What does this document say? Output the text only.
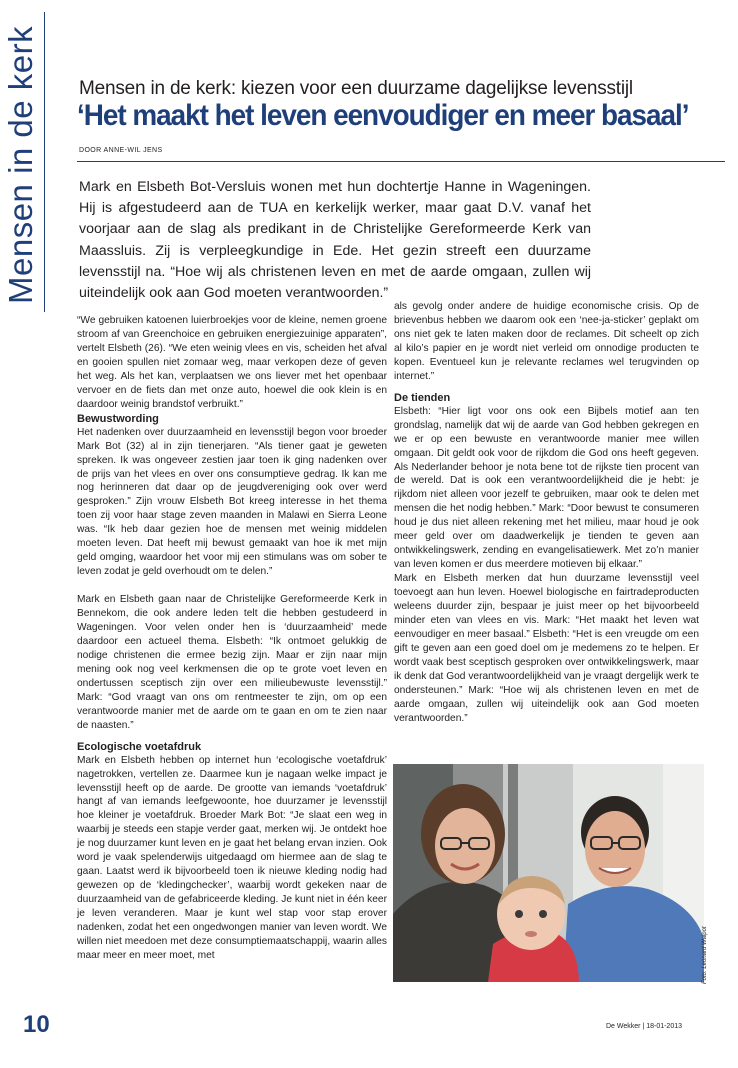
Mensen in de kerk Mensen in de kerk: kiezen voor een duurzame dagelijkse levensstijl
‘Het maakt het leven eenvoudiger en meer basaal’
DOOR ANNE-WIL JENS
Mark en Elsbeth Bot-Versluis wonen met hun dochtertje Hanne in Wageningen. Hij is afgestudeerd aan de TUA en kerkelijk werker, maar gaat D.V. vanaf het voorjaar aan de slag als predikant in de Christelijke Gereformeerde Kerk van Maassluis. Zij is verpleegkundige in Ede. Het gezin streeft een duurzame levensstijl na. “Hoe wij als christenen leven en met de aarde omgaan, zullen wij uiteindelijk ook aan God moeten verantwoorden.”

“We gebruiken katoenen luierbroekjes voor de kleine, nemen groene stroom af van Greenchoice en gebruiken energiezuinige apparaten”, vertelt Elsbeth (26). “We eten weinig vlees en vis, scheiden het afval en gooien spullen niet zomaar weg, maar verkopen deze of geven het weg. Als het kan, verplaatsen we ons liever met het openbaar vervoer en de fiets dan met onze auto, hoewel die ook klein is en daardoor weinig brandstof verbruikt.”

Bewustwording

Het nadenken over duurzaamheid en levensstijl begon voor broeder Mark Bot (32) al in zijn tienerjaren. “Als tiener gaat je geweten spreken. Ik was ongeveer zestien jaar toen ik ging nadenken over de prijs van het vlees en over ons consumptieve gedrag. Ik kan me nog herinneren dat daar op de jeugdvereniging ook over werd gesproken.” Zijn vrouw Elsbeth Bot kreeg interesse in het thema toen zij voor haar stage zeven maanden in Malawi en Sierra Leone was. “Ik heb daar gezien hoe de mensen met weinig middelen moeten leven. Dat heeft mij bewust gemaakt van hoe ik met mijn geld omging, waardoor het voor mij een stimulans was om sober te leven zodat je geld overhoudt om te delen.”

Mark en Elsbeth gaan naar de Christelijke Gereformeerde Kerk in Bennekom, die ook andere leden telt die hebben gestudeerd in Wageningen. Voor velen onder hen is ‘duurzaamheid’ mede daardoor een actueel thema. Elsbeth: “Ik ontmoet gelukkig de nodige christenen die ermee bezig zijn. Maar er zijn naar mijn mening ook nog veel kerkmensen die op te grote voet leven en ondertussen sceptisch zijn over een milieubewuste levensstijl.” Mark: “God vraagt van ons om rentmeester te zijn, om op een verantwoorde manier met de aarde om te gaan en om te zien naar de naasten.”

Ecologische voetafdruk

Mark en Elsbeth hebben op internet hun ‘ecologische voetafdruk’ nagetrokken, vertellen ze. Daarmee kun je nagaan welke impact je levensstijl heeft op de aarde. De grootte van iemands ‘voetafdruk’ hangt af van iemands leefgewoonte, hoe duurzamer je levensstijl hoe kleiner je voetafdruk. Broeder Mark Bot: “Je slaat een weg in waarbij je steeds een stapje verder gaat, merken wij. Je ontdekt hoe je nog duurzamer kunt leven en je gaat het belang ervan inzien. Ook word je vaak spelenderwijs uitgedaagd om hiermee aan de slag te gaan. Laatst werd ik bijvoorbeeld toen ik nieuwe kleding nodig had gewezen op de ‘kledingchecker’, waarbij wordt gekeken naar de duurzaamheid van de gefabriceerde kleding. Je kunt niet in één keer je leven veranderen. Maar je kunt wel stap voor stap erover nadenken, zodat het een ongedwongen manier van leven wordt. We willen niet meedoen met deze consumptiemaatschappij, waarin alles maar meer en meer moet, met

als gevolg onder andere de huidige economische crisis. Op de brievenbus hebben we daarom ook een ‘nee-ja-sticker’ geplakt om ons niet gek te laten maken door de reclames. Dit scheelt op zich al kilo’s papier en je wordt niet verleid om onnodige producten te kopen. Eventueel kun je relevante reclames wel terugvinden op internet.”

De tienden

Elsbeth: “Hier ligt voor ons ook een Bijbels motief aan ten grondslag, namelijk dat wij de aarde van God hebben gekregen en we er op een bewuste en verantwoorde manier mee willen omgaan. Dit geldt ook voor de rijkdom die God ons heeft gegeven. Als Nederlander behoor je nota bene tot de rijkste tien procent van de wereld. Dat is ook een verantwoordelijkheid die je hebt: je rijkdom niet alleen voor jezelf te gebruiken, maar ook te delen met mensen die het nodig hebben.” Mark: “Door bewust te consumeren houd je dus niet alleen rekening met het milieu, maar houd je ook meer geld over om daadwerkelijk je tienden te geven aan ontwikkelingswerk, zending en evangelisatiewerk. Met zo’n manier van leven komen er dus meerdere motieven bij elkaar.”

Mark en Elsbeth merken dat hun duurzame levensstijl veel toevoegt aan hun leven. Hoewel biologische en fairtradeproducten weleens duurder zijn, bespaar je juist meer op het bijvoorbeeld minder eten van vlees en vis. Mark: “Het maakt het leven wat eenvoudiger en meer basaal.” Elsbeth: “Het is een vreugde om een gift te geven aan een goed doel om je medemens zo te helpen. Er wordt vaak best sceptisch gesproken over ontwikkelingswerk, maar ik denk dat God verantwoordelijkheid van je vraagt dergelijk werk te ondersteunen.” Mark: “Hoe wij als christenen leven en met de aarde omgaan, zullen wij uiteindelijk ook aan God moeten verantwoorden.”

Foto: Leonard Walpot
10	De Wekker | 18-01-2013
